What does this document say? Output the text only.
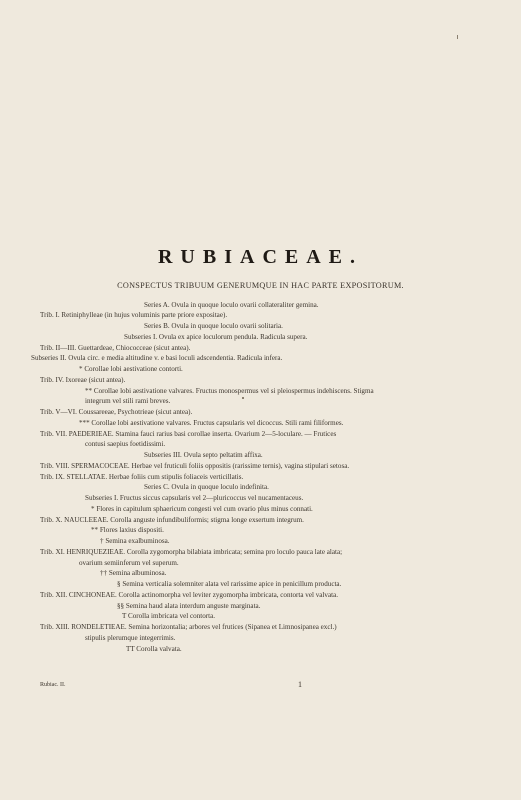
RUBIACEAE.
CONSPECTUS TRIBUUM GENERUMQUE IN HAC PARTE EXPOSITORUM.
Series A. Ovula in quoque loculo ovarii collateraliter gemina.
Trib. I. Retiniphylleae (in hujus voluminis parte priore expositae).
Series B. Ovula in quoque loculo ovarii solitaria.
Subseries I. Ovula ex apice loculorum pendula. Radicula supera.
Trib. II—III. Guettardeae, Chiococceae (sicut antea).
Subseries II. Ovula circ. e media altitudine v. e basi loculi adscendentia. Radicula infera.
* Corollae lobi aestivatione contorti.
Trib. IV. Ixoreae (sicut antea).
** Corollae lobi aestivatione valvares. Fructus monospermus vel si pleiospermus indehiscens. Stigma
integrum vel stili rami breves.
Trib. V—VI. Coussareeae, Psychotrieae (sicut antea).
*** Corollae lobi aestivatione valvares. Fructus capsularis vel dicoccus. Stili rami filiformes.
Trib. VII. PAEDERIEAE. Stamina fauci rarius basi corollae inserta. Ovarium 2—5-loculare. — Frutices
contusi saepius foetidissimi.
Subseries III. Ovula septo peltatim affixa.
Trib. VIII. SPERMACOCEAE. Herbae vel fruticuli foliis oppositis (rarissime ternis), vagina stipulari setosa.
Trib. IX. STELLATAE. Herbae foliis cum stipulis foliaceis verticillatis.
Series C. Ovula in quoque loculo indefinita.
Subseries I. Fructus siccus capsularis vel 2—pluricoccus vel nucamentaceus.
* Flores in capitulum sphaericum congesti vel cum ovario plus minus connati.
Trib. X. NAUCLEEAE. Corolla anguste infundibuliformis; stigma longe exsertum integrum.
** Flores laxius dispositi.
† Semina exalbuminosa.
Trib. XI. HENRIQUEZIEAE. Corolla zygomorpha bilabiata imbricata; semina pro loculo pauca late alata;
ovarium semiinferum vel superum.
†† Semina albuminosa.
§ Semina verticalia solemniter alata vel rarissime apice in penicillum producta.
Trib. XII. CINCHONEAE. Corolla actinomorpha vel leviter zygomorpha imbricata, contorta vel valvata.
§§ Semina haud alata interdum anguste marginata.
T Corolla imbricata vel contorta.
Trib. XIII. RONDELETIEAE. Semina horizontalia; arbores vel frutices (Sipanea et Limnosipanea excl.)
stipulis plerumque integerrimis.
TT Corolla valvata.
Rubiac. II.	1
